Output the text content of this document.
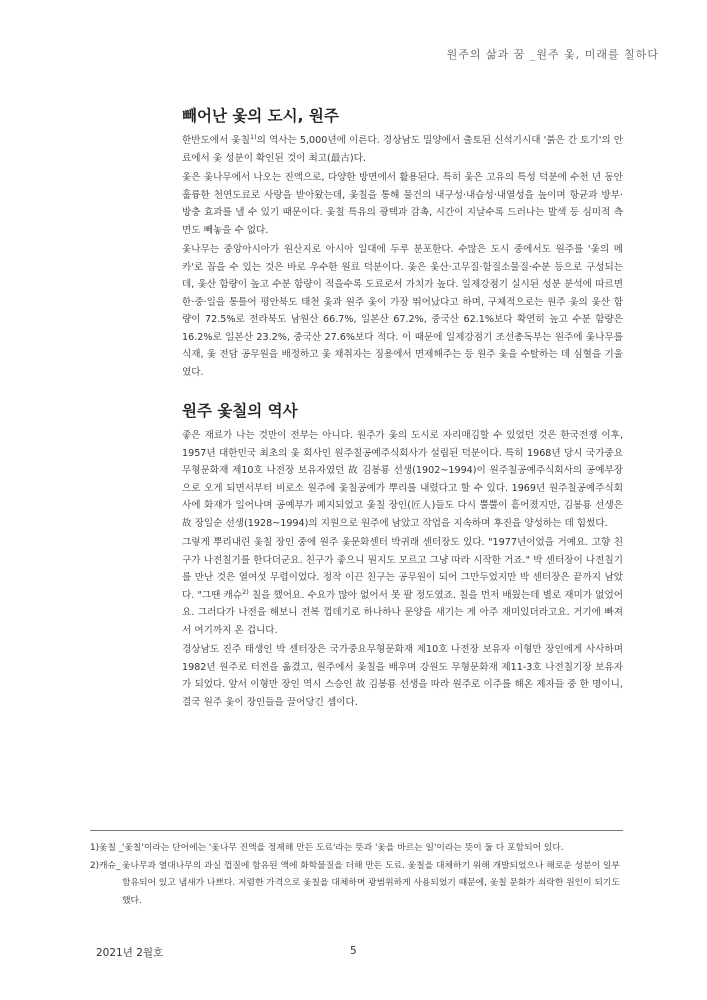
원주의 삶과 꿈 _원주 옻, 미래를 칠하다
빼어난 옻의 도시, 원주

한반도에서 옻칠$^{1)}$의 역사는 5,000년에 이른다. 경상남도 밀양에서 출토된 신석기시대 '붉은 간 토기'의 안료에서 옻 성분이 확인된 것이 최고(最古)다.

옻은 옻나무에서 나오는 진액으로, 다양한 방면에서 활용된다. 특히 옻은 고유의 특성 덕분에 수천 년 동안 훌륭한 천연도료로 사랑을 받아왔는데, 옻칠을 통해 물건의 내구성·내습성·내열성을 높이며 항균과 방부·방충 효과를 낼 수 있기 때문이다. 옻칠 특유의 광택과 감촉, 시간이 지날수록 드러나는 발색 등 심미적 측면도 빼놓을 수 없다.

옻나무는 중앙아시아가 원산지로 아시아 일대에 두루 분포한다. 수많은 도시 중에서도 원주를 '옻의 메카'로 꼽을 수 있는 것은 바로 우수한 원료 덕분이다. 옻은 옻산·고무질·함질소물질·수분 등으로 구성되는데, 옻산 함량이 높고 수분 함량이 적을수록 도료로서 가치가 높다. 일제강점기 실시된 성분 분석에 따르면 한·중·일을 통틀어 평안북도 태천 옻과 원주 옻이 가장 뛰어났다고 하며, 구체적으로는 원주 옻의 옻산 함량이 72.5%로 전라북도 남원산 66.7%, 일본산 67.2%, 중국산 62.1%보다 확연히 높고 수분 함량은 16.2%로 일본산 23.2%, 중국산 27.6%보다 적다. 이 때문에 일제강점기 조선총독부는 원주에 옻나무를 식재, 옻 전담 공무원을 배정하고 옻 채취자는 징용에서 면제해주는 등 원주 옻을 수탈하는 데 심혈을 기울였다.

원주 옻칠의 역사

좋은 재료가 나는 것만이 전부는 아니다. 원주가 옻의 도시로 자리매김할 수 있었던 것은 한국전쟁 이후, 1957년 대한민국 최초의 옻 회사인 원주칠공예주식회사가 설립된 덕분이다. 특히 1968년 당시 국가중요무형문화재 제10호 나전장 보유자였던 故 김봉룡 선생(1902~1994)이 원주칠공예주식회사의 공예부장으로 오게 되면서부터 비로소 원주에 옻칠공예가 뿌리를 내렸다고 할 수 있다. 1969년 원주칠공예주식회사에 화재가 일어나며 공예부가 폐지되었고 옻칠 장인(匠人)들도 다시 뿔뿔이 흩어졌지만, 김봉룡 선생은 故 장일순 선생(1928~1994)의 지원으로 원주에 남았고 작업을 지속하며 후진을 양성하는 데 힘썼다.

그렇게 뿌리내린 옻칠 장인 중에 원주 옻문화센터 박귀래 센터장도 있다. "1977년이었을 거예요. 고향 친구가 나전칠기를 한다더군요. 친구가 좋으니 뭔지도 모르고 그냥 따라 시작한 거죠." 박 센터장이 나전칠기를 만난 것은 열여섯 무렵이었다. 정작 이끈 친구는 공무원이 되어 그만두었지만 박 센터장은 끝까지 남았다. "그땐 캐슈$^{2)}$ 칠을 했어요. 수요가 많아 없어서 못 팔 정도였죠. 칠을 먼저 배웠는데 별로 재미가 없었어요. 그러다가 나전을 해보니 전복 껍데기로 하나하나 문양을 새기는 게 아주 재미있더라고요. 거기에 빠져서 여기까지 온 겁니다.

경상남도 진주 태생인 박 센터장은 국가중요무형문화재 제10호 나전장 보유자 이형만 장인에게 사사하며 1982년 원주로 터전을 옮겼고, 원주에서 옻칠을 배우며 강원도 무형문화재 제11-3호 나전칠기장 보유자가 되었다. 앞서 이형만 장인 역시 스승인 故 김봉룡 선생을 따라 원주로 이주를 해온 제자들 중 한 명이니, 결국 원주 옻이 장인들을 끌어당긴 셈이다.

1)옻칠 _
'옻칠'이라는 단어에는 '옻나무 진액을 정제해 만든 도료'라는 뜻과 '옻을 바르는 일'이라는 뜻이 둘 다 포함되어 있다.
2)캐슈_ 옻나무과 열대나무의 과실 껍질에 함유된 액에 화학물질을 더해 만든 도료. 옻칠을 대체하기 위해 개발되었으나 해로운 성분이 일부 함유되어 있고 냄새가 나쁘다. 저렴한 가격으로 옻칠을 대체하며 광범위하게 사용되었기 때문에, 옻칠 문화가 쇠락한 원인이 되기도 했다.
2021년 2월호	5
